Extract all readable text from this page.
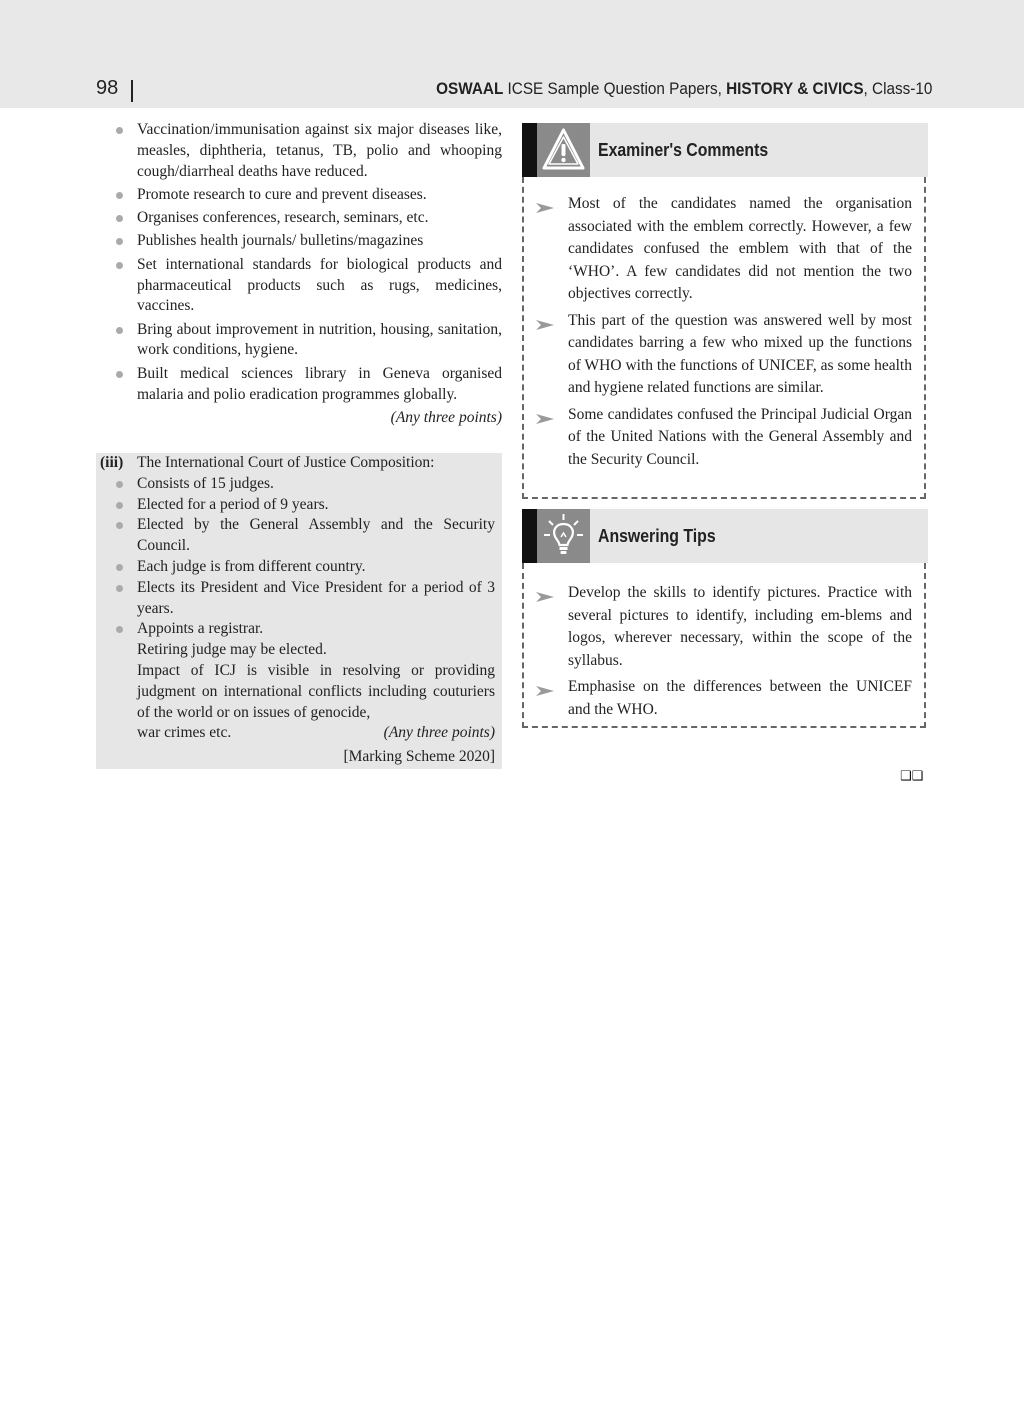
98	OSWAAL ICSE Sample Question Papers, HISTORY & CIVICS, Class-10
Vaccination/immunisation against six major diseases like, measles, diphtheria, tetanus, TB, polio and whooping cough/diarrheal deaths have reduced.
Promote research to cure and prevent diseases.
Organises conferences, research, seminars, etc.
Publishes health journals/ bulletins/magazines
Set international standards for biological products and pharmaceutical products such as rugs, medicines, vaccines.
Bring about improvement in nutrition, housing, sanitation, work conditions, hygiene.
Built medical sciences library in Geneva organised malaria and polio eradication programmes globally.
(Any three points)
(iii) The International Court of Justice Composition:
Consists of 15 judges.
Elected for a period of 9 years.
Elected by the General Assembly and the Security Council.
Each judge is from different country.
Elects its President and Vice President for a period of 3 years.
Appoints a registrar.
Retiring judge may be elected.
Impact of ICJ is visible in resolving or providing judgment on international conflicts including couturiers of the world or on issues of genocide,
war crimes etc.	(Any three points)
[Marking Scheme 2020]
Examiner's Comments
Most of the candidates named the organisation associated with the emblem correctly. However, a few candidates confused the emblem with that of the ‘WHO’. A few candidates did not mention the two objectives correctly.
This part of the question was answered well by most candidates barring a few who mixed up the functions of WHO with the functions of UNICEF, as some health and hygiene related functions are similar.
Some candidates confused the Principal Judicial Organ of the United Nations with the General Assembly and the Security Council.
Answering Tips
Develop the skills to identify pictures. Practice with several pictures to identify, including em-blems and logos, wherever necessary, within the scope of the syllabus.
Emphasise on the differences between the UNICEF and the WHO.
❑❑
